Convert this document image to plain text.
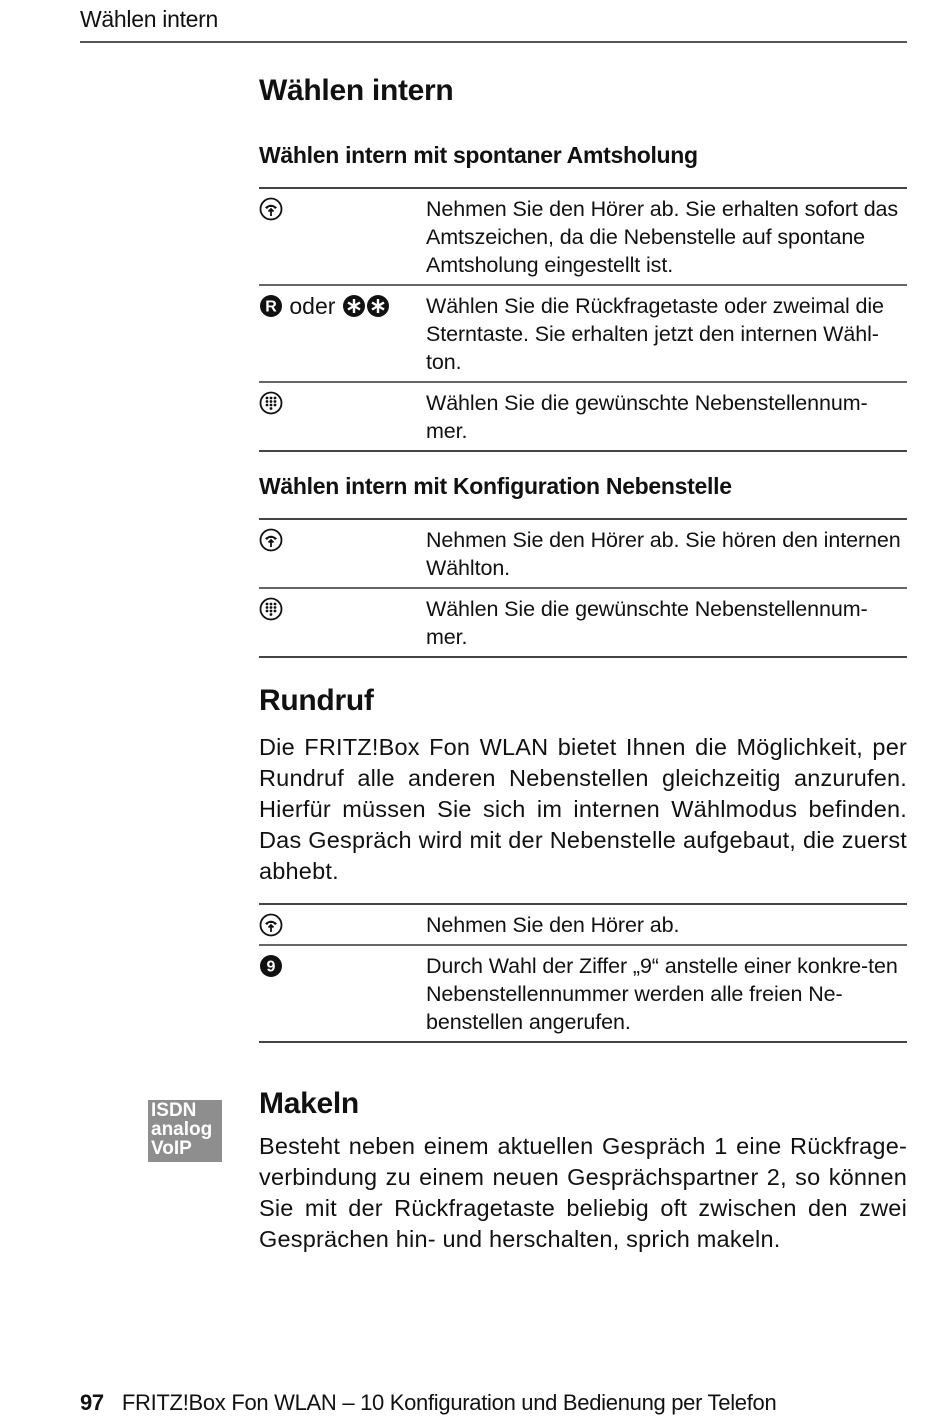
Wählen intern
Wählen intern
Wählen intern mit spontaner Amtsholung
	Nehmen Sie den Hörer ab. Sie erhalten sofort das Amtszeichen, da die Nebenstelle auf spontane Amtsholung eingestellt ist.

R oder	Wählen Sie die Rückfragetaste oder zweimal die Sterntaste. Sie erhalten jetzt den internen Wähl-ton.
	Wählen Sie die gewünschte Nebenstellennum-mer.
Wählen intern mit Konfiguration Nebenstelle
	Nehmen Sie den Hörer ab. Sie hören den internen Wählton.
	Wählen Sie die gewünschte Nebenstellennum-mer.
Rundruf

Die FRITZ!Box Fon WLAN bietet Ihnen die Möglichkeit, per Rundruf alle anderen Nebenstellen gleichzeitig anzurufen. Hierfür müssen Sie sich im internen Wählmodus befinden. Das Gespräch wird mit der Nebenstelle aufgebaut, die zuerst abhebt.

	Nehmen Sie den Hörer ab.

9	Durch Wahl der Ziffer „9“ anstelle einer konkre-ten Nebenstellennummer werden alle freien Ne-benstellen angerufen.
ISDN
analog
VoIP
Makeln

Besteht neben einem aktuellen Gespräch 1 eine Rückfrage-verbindung zu einem neuen Gesprächspartner 2, so können Sie mit der Rückfragetaste beliebig oft zwischen den zwei Gesprächen hin- und herschalten, sprich makeln.

97 FRITZ!Box Fon WLAN – 10 Konfiguration und Bedienung per Telefon
